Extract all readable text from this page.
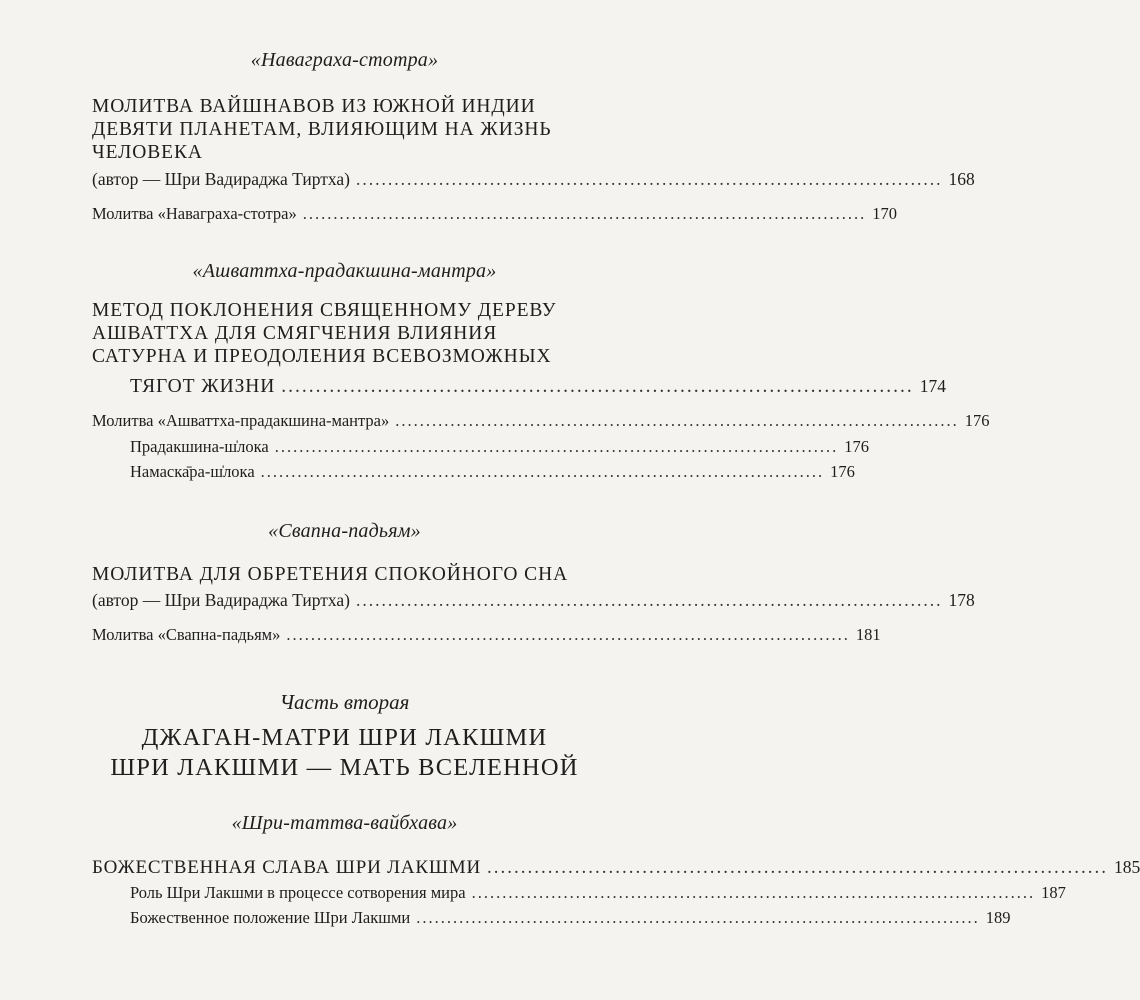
«Наваграха-стотра»
МОЛИТВА ВАЙШНАВОВ ИЗ ЮЖНОЙ ИНДИИ
ДЕВЯТИ ПЛАНЕТАМ, ВЛИЯЮЩИМ НА ЖИЗНЬ
ЧЕЛОВЕКА
(автор — Шри Вадираджа Тиртха) ............................................................................................ 168
Молитва «Наваграха-стотра» ............................................................................................ 170
«Ашваттха-прадакшина-мантра»
МЕТОД ПОКЛОНЕНИЯ СВЯЩЕННОМУ ДЕРЕВУ
АШВАТТХА ДЛЯ СМЯГЧЕНИЯ ВЛИЯНИЯ
САТУРНА И ПРЕОДОЛЕНИЯ ВСЕВОЗМОЖНЫХ
ТЯГОТ ЖИЗНИ ............................................................................................ 174
Молитва «Ашваттха-прадакшина-мантра» ............................................................................................ 176
Прадакшина-ш̍лока ............................................................................................ 176
Намаска̄ра-ш̍лока ............................................................................................ 176
«Свапна-падьям»
МОЛИТВА ДЛЯ ОБРЕТЕНИЯ СПОКОЙНОГО СНА
(автор — Шри Вадираджа Тиртха) ............................................................................................ 178
Молитва «Свапна-падьям» ............................................................................................ 181
Часть вторая
ДЖАГАН-МАТРИ ШРИ ЛАКШМИ
ШРИ ЛАКШМИ — МАТЬ ВСЕЛЕННОЙ
«Шри-таттва-вайбхава»
БОЖЕСТВЕННАЯ СЛАВА ШРИ ЛАКШМИ ............................................................................................ 185
Роль Шри Лакшми в процессе сотворения мира ............................................................................................ 187
Божественное положение Шри Лакшми ............................................................................................ 189
